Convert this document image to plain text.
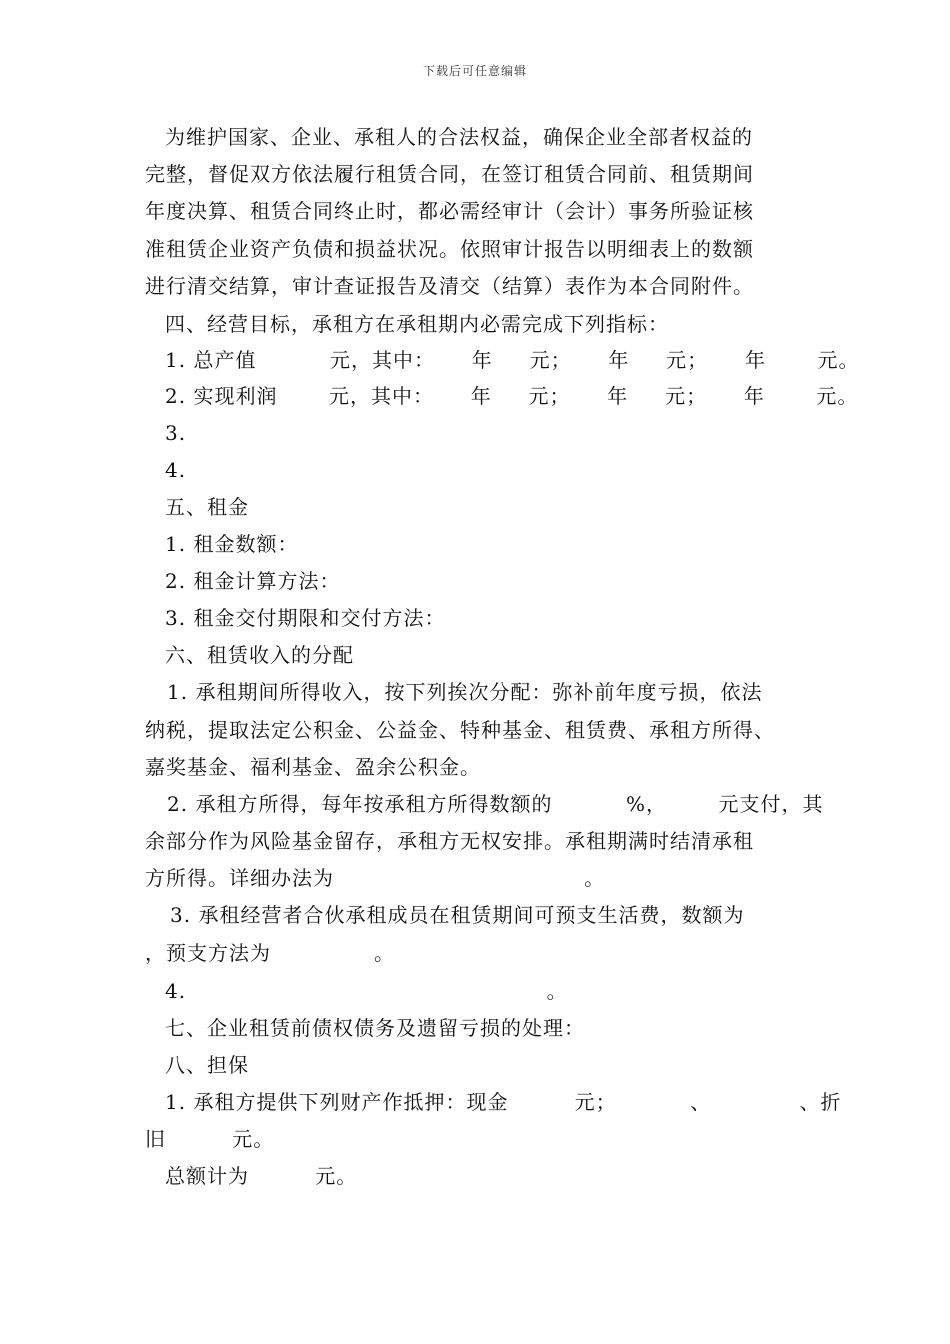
下载后可任意编辑
为维护国家、企业、承租人的合法权益，确保企业全部者权益的
完整，督促双方依法履行租赁合同，在签订租赁合同前、租赁期间
年度决算、租赁合同终止时，都必需经审计（会计）事务所验证核
准租赁企业资产负债和损益状况。依照审计报告以明细表上的数额
进行清交结算，审计查证报告及清交（结算）表作为本合同附件。
四、经营目标，承租方在承租期内必需完成下列指标：
1. 总产值          元，其中：     年     元；     年     元；     年       元。
2. 实现利润       元，其中：     年     元；     年     元；     年       元。
3.
4.
五、租金
1. 租金数额：
2. 租金计算方法：
3. 租金交付期限和交付方法：
六、租赁收入的分配
1. 承租期间所得收入，按下列挨次分配：弥补前年度亏损，依法
纳税，提取法定公积金、公益金、特种基金、租赁费、承租方所得、
嘉奖基金、福利基金、盈余公积金。
2. 承租方所得，每年按承租方所得数额的          %，       元支付，其
余部分作为风险基金留存，承租方无权安排。承租期满时结清承租
方所得。详细办法为                                  。
3. 承租经营者合伙承租成员在租赁期间可预支生活费，数额为
，预支方法为              。
4.                                                 。
七、企业租赁前债权债务及遗留亏损的处理：
八、担保
1. 承租方提供下列财产作抵押：现金         元；          、            、折
旧         元。
总额计为         元。
